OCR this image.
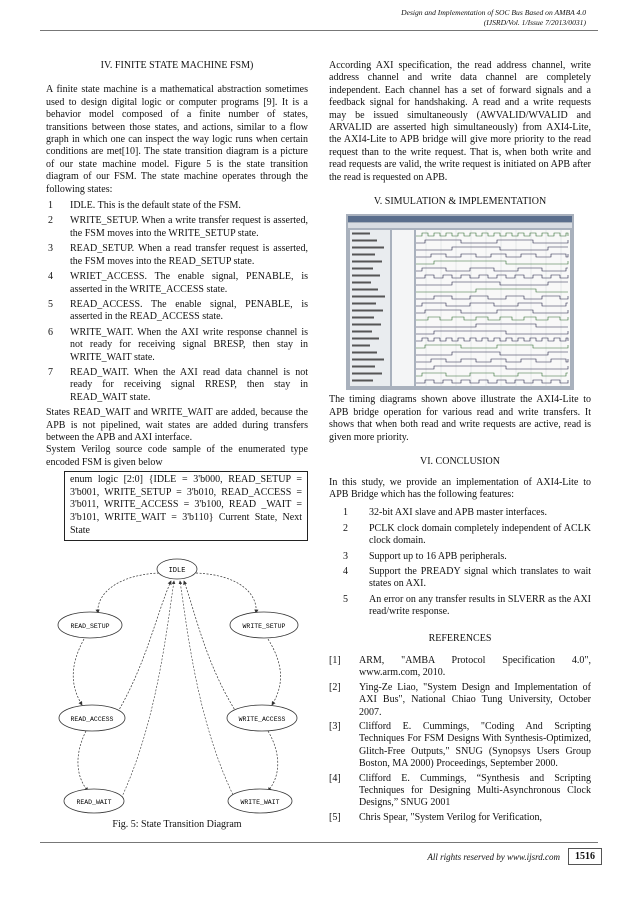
Design and Implementation of SOC Bus Based on AMBA 4.0
(IJSRD/Vol. 1/Issue 7/2013/0031)
IV. FINITE STATE MACHINE FSM)

A finite state machine is a mathematical abstraction sometimes used to design digital logic or computer programs [9]. It is a behavior model composed of a finite number of states, transitions between those states, and actions, similar to a flow graph in which one can inspect the way logic runs when certain conditions are met[10]. The state transition diagram is a picture of our state machine model. Figure 5 is the state transition diagram of our FSM. The state machine operates through the following states:

1	IDLE. This is the default state of the FSM.
2	WRITE_SETUP. When a write transfer request is asserted, the FSM moves into the WRITE_SETUP state.
3	READ_SETUP. When a read transfer request is asserted, the FSM moves into the READ_SETUP state.
4	WRIET_ACCESS. The enable signal, PENABLE, is asserted in the WRITE_ACCESS state.
5	READ_ACCESS. The enable signal, PENABLE, is asserted in the READ_ACCESS state.
6	WRITE_WAIT. When the AXI write response channel is not ready for receiving signal BRESP, then stay in WRITE_WAIT state.
7	READ_WAIT. When the AXI read data channel is not ready for receiving signal RRESP, then stay in READ_WAIT state.

States READ_WAIT and WRITE_WAIT are added, because the APB is not pipelined, wait states are added during transfers between the APB and AXI interface.

System Verilog source code sample of the enumerated type encoded FSM is given below

enum logic [2:0] {IDLE = 3'b000, READ_SETUP = 3'b001, WRITE_SETUP = 3'b010, READ_ACCESS = 3'b011, WRITE_ACCESS = 3'b100, READ _WAIT = 3'b101, WRITE_WAIT = 3'b110} Current State, Next State
IDLE
READ_SETUP	WRITE_SETUP
READ_ACCESS	WRITE_ACCESS
READ_WAIT	WRITE_WAIT
Fig. 5: State Transition Diagram

According AXI specification, the read address channel, write address channel and write data channel are completely independent. Each channel has a set of forward signals and a feedback signal for handshaking. A read and a write requests may be issued simultaneously (AWVALID/WVALID and ARVALID are asserted high simultaneously) from AXI4-Lite, the AXI4-Lite to APB bridge will give more priority to the read request than to the write request. That is, when both write and read requests are valid, the write request is initiated on APB after the read is requested on APB.

V. SIMULATION & IMPLEMENTATION

The timing diagrams shown above illustrate the AXI4-Lite to APB bridge operation for various read and write transfers. It shows that when both read and write requests are active, read is given more priority.

VI. CONCLUSION

In this study, we provide an implementation of AXI4-Lite to APB Bridge which has the following features:

1	32-bit AXI slave and APB master interfaces.
2	PCLK clock domain completely independent of ACLK clock domain.
3	Support up to 16 APB peripherals.
4	Support the PREADY signal which translates to wait states on AXI.
5	An error on any transfer results in SLVERR as the AXI read/write response.
REFERENCES
[1]	ARM, "AMBA Protocol Specification 4.0", www.arm.com, 2010.
[2]	Ying-Ze Liao, "System Design and Implementation of AXI Bus", National Chiao Tung University, October 2007.
[3]	Clifford E. Cummings, "Coding And Scripting Techniques For FSM Designs With Synthesis-Optimized, Glitch-Free Outputs," SNUG (Synopsys Users Group Boston, MA 2000) Proceedings, September 2000.
[4]	Clifford E. Cummings, “Synthesis and Scripting Techniques for Designing Multi-Asynchronous Clock Designs,” SNUG 2001
[5]	Chris Spear, "System Verilog for Verification,
All rights reserved by www.ijsrd.com	1516
